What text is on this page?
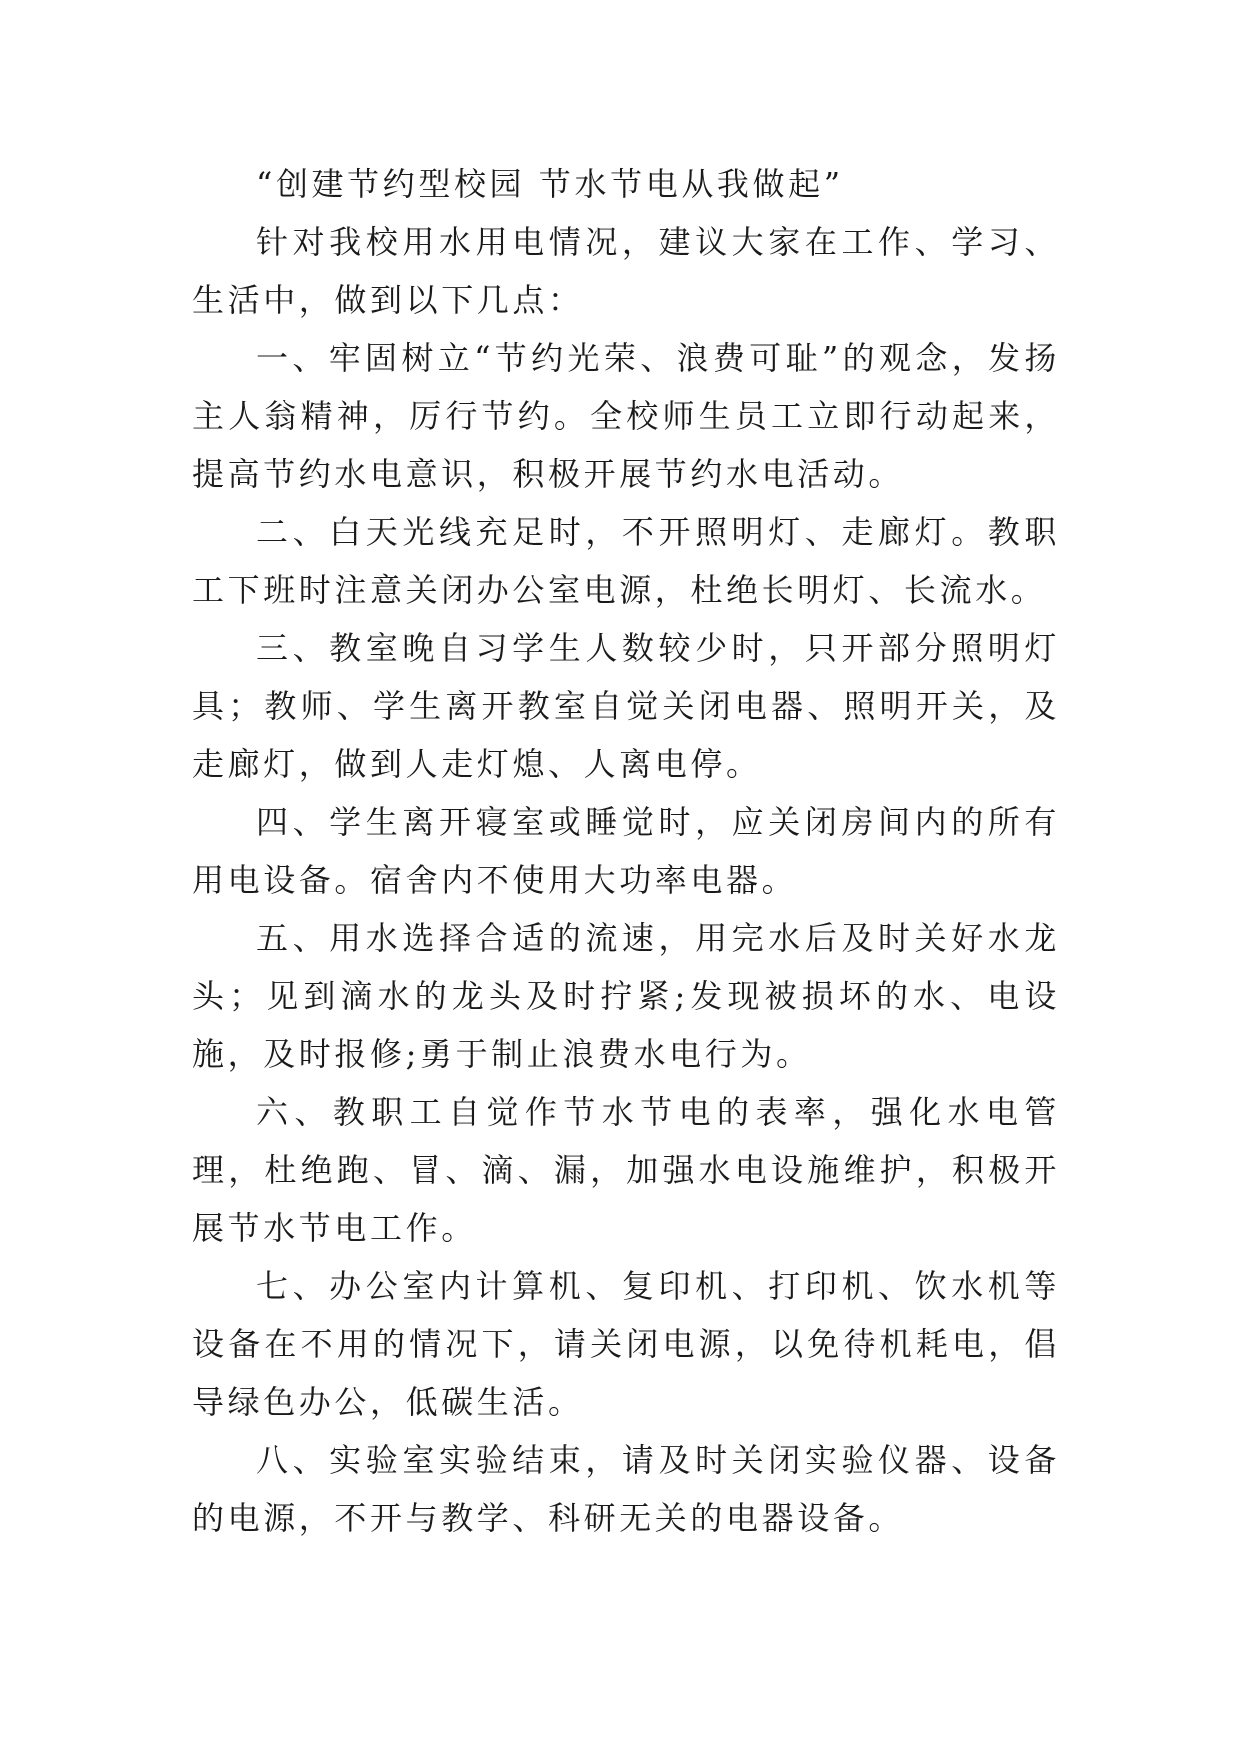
“创建节约型校园 节水节电从我做起”

针对我校用水用电情况，建议大家在工作、学习、生活中，做到以下几点：

一、牢固树立“节约光荣、浪费可耻”的观念，发扬主人翁精神，厉行节约。全校师生员工立即行动起来，提高节约水电意识，积极开展节约水电活动。

二、白天光线充足时，不开照明灯、走廊灯。教职工下班时注意关闭办公室电源，杜绝长明灯、长流水。

三、教室晚自习学生人数较少时，只开部分照明灯具；教师、学生离开教室自觉关闭电器、照明开关，及走廊灯，做到人走灯熄、人离电停。

四、学生离开寝室或睡觉时，应关闭房间内的所有用电设备。宿舍内不使用大功率电器。

五、用水选择合适的流速，用完水后及时关好水龙头；见到滴水的龙头及时拧紧;发现被损坏的水、电设施，及时报修;勇于制止浪费水电行为。

六、教职工自觉作节水节电的表率，强化水电管理，杜绝跑、冒、滴、漏，加强水电设施维护，积极开展节水节电工作。

七、办公室内计算机、复印机、打印机、饮水机等设备在不用的情况下，请关闭电源，以免待机耗电，倡导绿色办公，低碳生活。

八、实验室实验结束，请及时关闭实验仪器、设备的电源，不开与教学、科研无关的电器设备。
